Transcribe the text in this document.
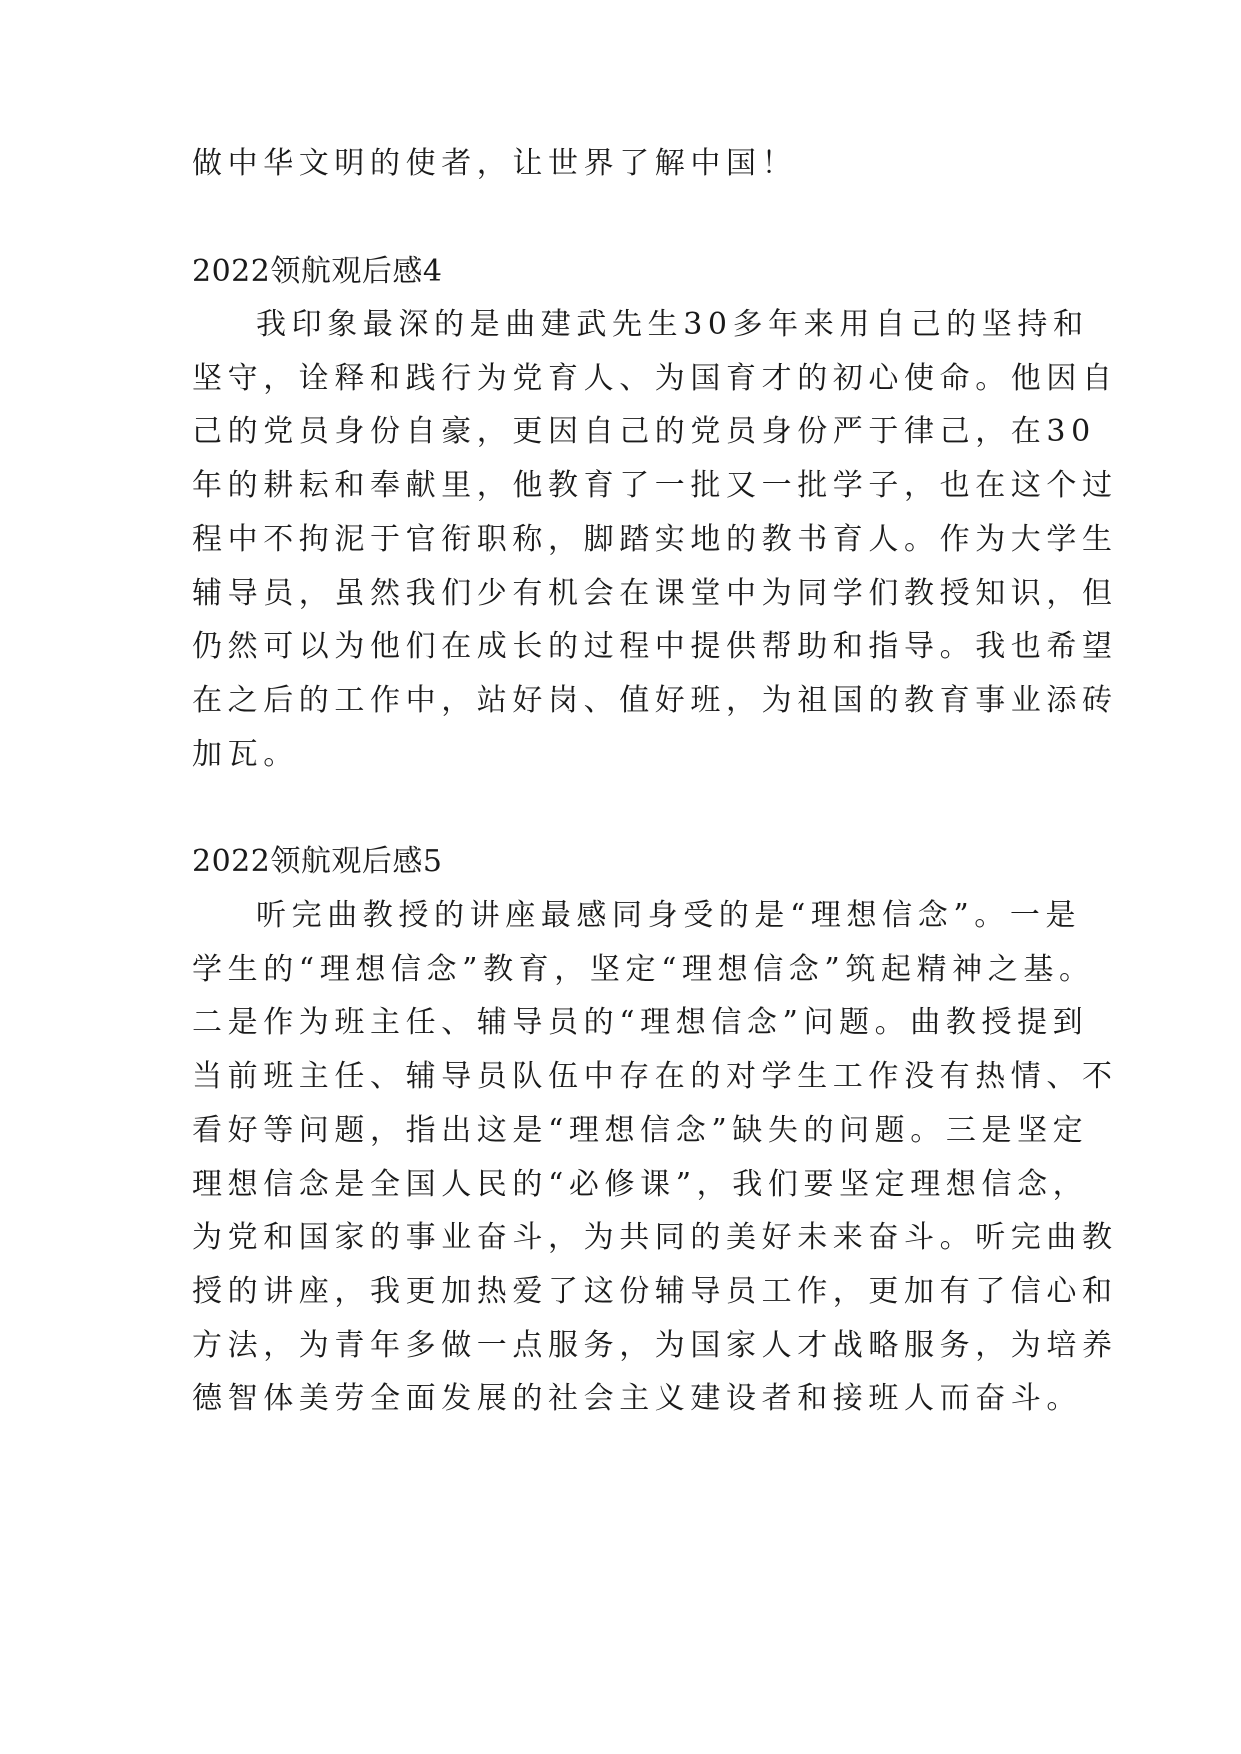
做中华文明的使者，让世界了解中国！

2022领航观后感4

我印象最深的是曲建武先生30多年来用自己的坚持和

坚守，诠释和践行为党育人、为国育才的初心使命。他因自

己的党员身份自豪，更因自己的党员身份严于律己，在30

年的耕耘和奉献里，他教育了一批又一批学子，也在这个过

程中不拘泥于官衔职称，脚踏实地的教书育人。作为大学生

辅导员，虽然我们少有机会在课堂中为同学们教授知识，但

仍然可以为他们在成长的过程中提供帮助和指导。我也希望

在之后的工作中，站好岗、值好班，为祖国的教育事业添砖

加瓦。

2022领航观后感5

听完曲教授的讲座最感同身受的是“理想信念”。一是

学生的“理想信念”教育，坚定“理想信念”筑起精神之基。

二是作为班主任、辅导员的“理想信念”问题。曲教授提到

当前班主任、辅导员队伍中存在的对学生工作没有热情、不

看好等问题，指出这是“理想信念”缺失的问题。三是坚定

理想信念是全国人民的“必修课”，我们要坚定理想信念，

为党和国家的事业奋斗，为共同的美好未来奋斗。听完曲教

授的讲座，我更加热爱了这份辅导员工作，更加有了信心和

方法，为青年多做一点服务，为国家人才战略服务，为培养

德智体美劳全面发展的社会主义建设者和接班人而奋斗。
